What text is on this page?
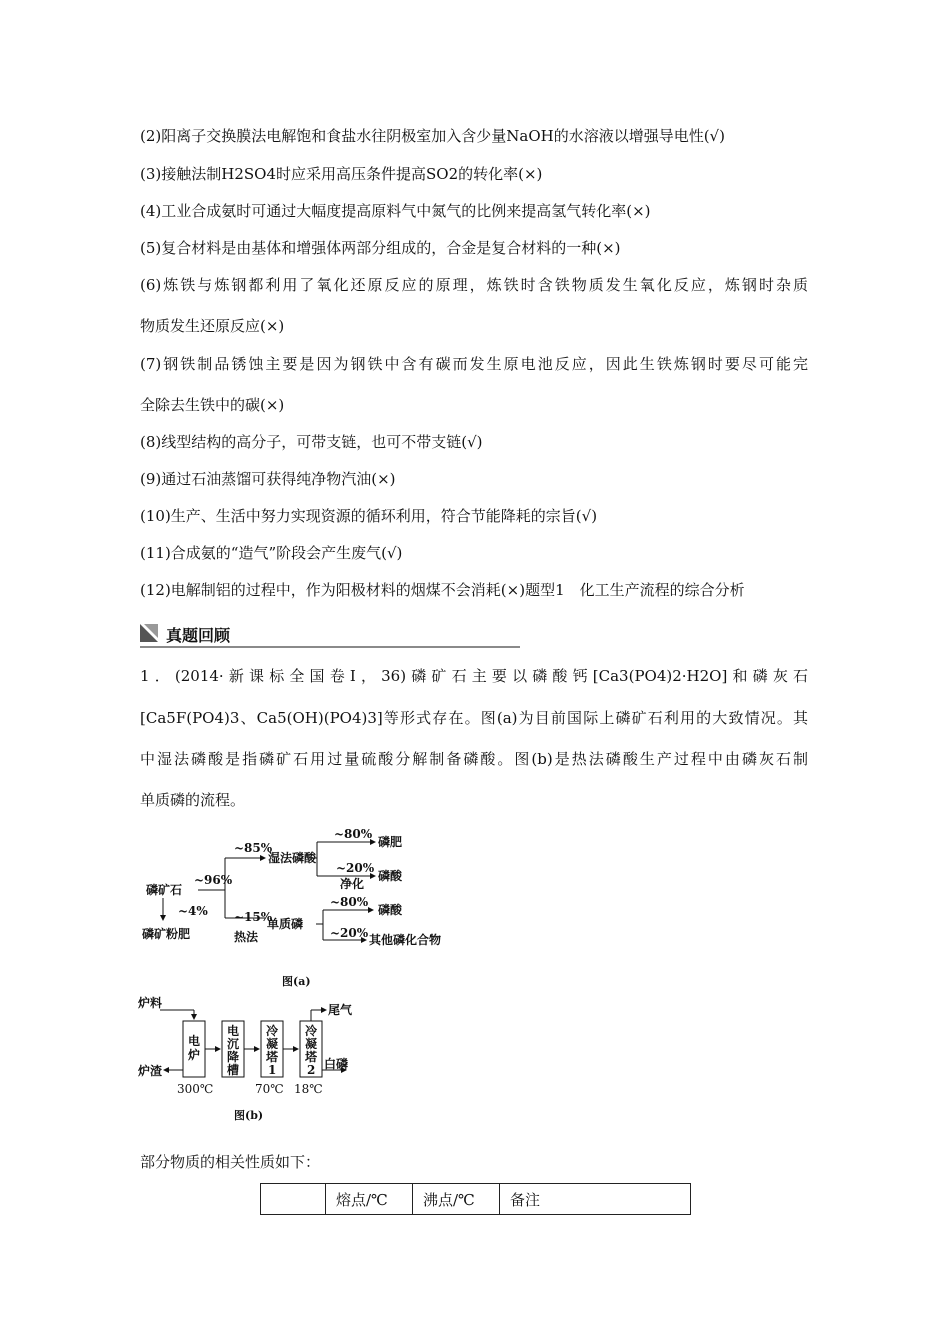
(2)阳离子交换膜法电解饱和食盐水往阴极室加入含少量NaOH的水溶液以增强导电性(√)
(3)接触法制H2SO4时应采用高压条件提高SO2的转化率(×)
(4)工业合成氨时可通过大幅度提高原料气中氮气的比例来提高氢气转化率(×)
(5)复合材料是由基体和增强体两部分组成的，合金是复合材料的一种(×)
(6)炼铁与炼钢都利用了氧化还原反应的原理，炼铁时含铁物质发生氧化反应，炼钢时杂质
物质发生还原反应(×)
(7)钢铁制品锈蚀主要是因为钢铁中含有碳而发生原电池反应，因此生铁炼钢时要尽可能完
全除去生铁中的碳(×)
(8)线型结构的高分子，可带支链，也可不带支链(√)
(9)通过石油蒸馏可获得纯净物汽油(×)
(10)生产、生活中努力实现资源的循环利用，符合节能降耗的宗旨(√)
(11)合成氨的“造气”阶段会产生废气(√)
(12)电解制铝的过程中，作为阳极材料的烟煤不会消耗(×)题型1　化工生产流程的综合分析
真题回顾
1．(2014·新课标全国卷Ⅰ，36)磷矿石主要以磷酸钙[Ca3(PO4)2·H2O]和磷灰石
[Ca5F(PO4)3、Ca5(OH)(PO4)3]等形式存在。图(a)为目前国际上磷矿石利用的大致情况。其
中湿法磷酸是指磷矿石用过量硫酸分解制备磷酸。图(b)是热法磷酸生产过程中由磷灰石制
单质磷的流程。
磷矿石
~96%
~4%
磷矿粉肥
~85%
湿法磷酸
~80%
磷肥
~20%
净化
磷酸
~15%
热法
单质磷
~80%
磷酸
~20% 其他磷化合物
图(a)
炉料
炉渣
电
炉
电
沉
降
槽
冷
凝
塔
1
冷
凝
塔
2
尾气
白磷
300℃	70℃ 18℃
图(b)
部分物质的相关性质如下：
	熔点/℃	沸点/℃	备注
